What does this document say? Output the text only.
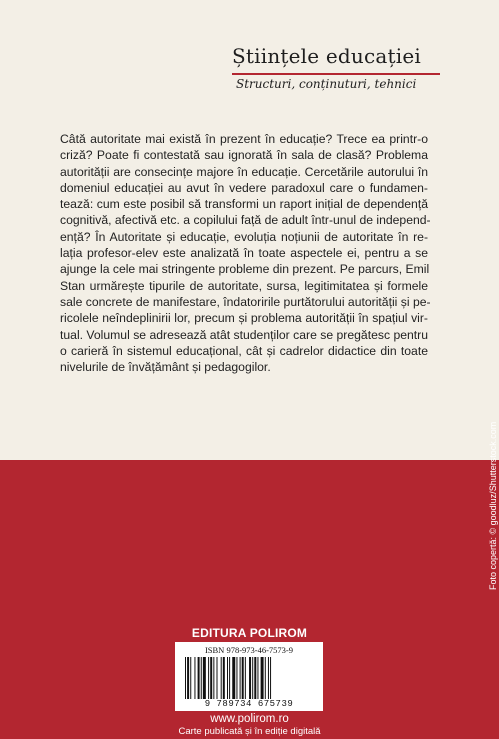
Științele educației
Structuri, conținuturi, tehnici
Câtă autoritate mai există în prezent în educație? Trece ea printr-o
criză? Poate fi contestată sau ignorată în sala de clasă? Problema
autorității are consecințe majore în educație. Cercetările autorului în
domeniul educației au avut în vedere paradoxul care o fundamen-
tează: cum este posibil să transformi un raport inițial de dependență
cognitivă, afectivă etc. a copilului față de adult într-unul de independ-
ență? În Autoritate și educație, evoluția noțiunii de autoritate în re-
lația profesor-elev este analizată în toate aspectele ei, pentru a se
ajunge la cele mai stringente probleme din prezent. Pe parcurs, Emil
Stan urmărește tipurile de autoritate, sursa, legitimitatea și formele
sale concrete de manifestare, îndatoririle purtătorului autorității și pe-
ricolele neîndeplinirii lor, precum și problema autorității în spațiul vir-
tual. Volumul se adresează atât studenților care se pregătesc pentru
o carieră în sistemul educațional, cât și cadrelor didactice din toate
nivelurile de învățământ și pedagogilor.
EDITURA POLIROM
ISBN 978-973-46-7573-9
9 789734 675739
www.polirom.ro
Carte publicată și în ediție digitală
Foto copertă: © goodluz/Shutterstock.com
